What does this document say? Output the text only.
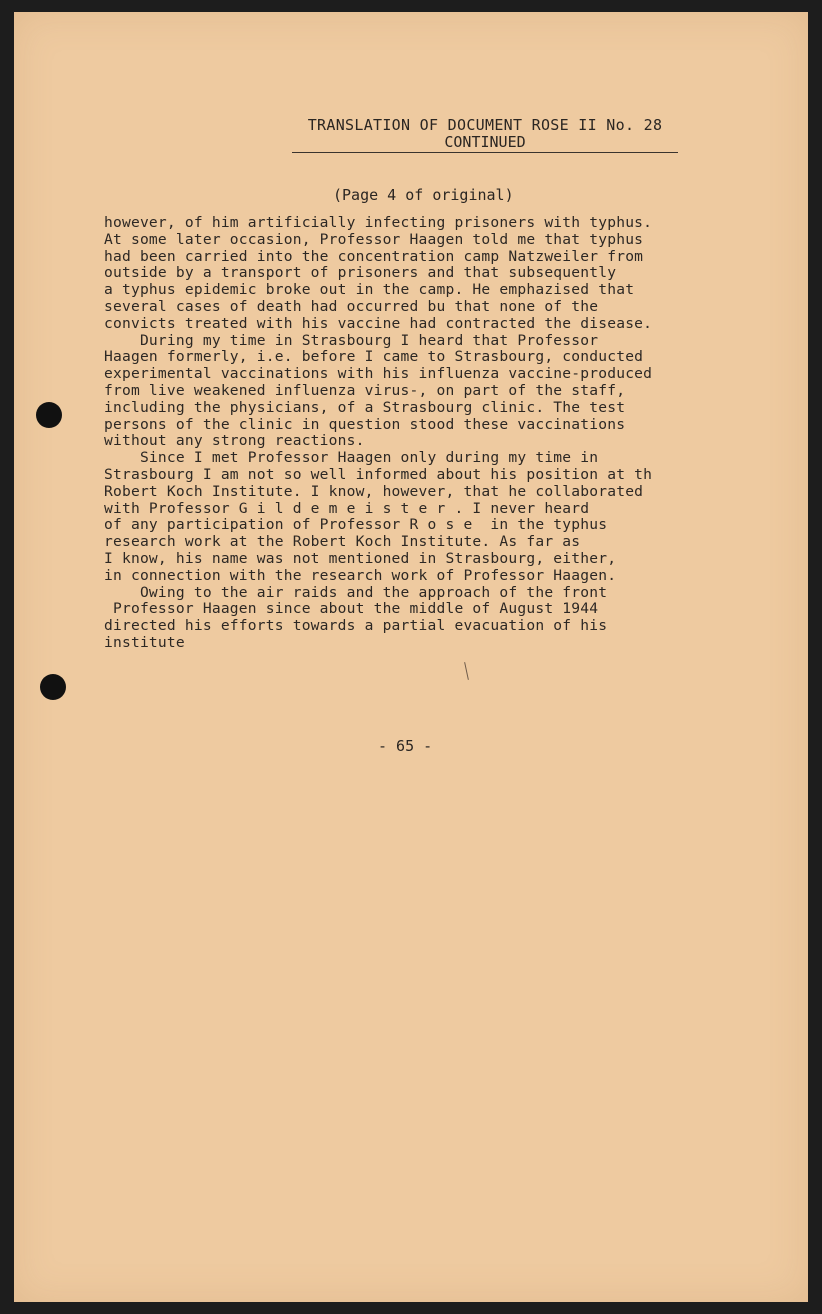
TRANSLATION OF DOCUMENT ROSE II No. 28
CONTINUED
(Page 4 of original)
however, of him artificially infecting prisoners with typhus.
At some later occasion, Professor Haagen told me that typhus
had been carried into the concentration camp Natzweiler from
outside by a transport of prisoners and that subsequently
a typhus epidemic broke out in the camp. He emphazised that
several cases of death had occurred bu that none of the
convicts treated with his vaccine had contracted the disease.
During my time in Strasbourg I heard that Professor
Haagen formerly, i.e. before I came to Strasbourg, conducted
experimental vaccinations with his influenza vaccine-produced
from live weakened influenza virus-, on part of the staff,
including the physicians, of a Strasbourg clinic. The test
persons of the clinic in question stood these vaccinations
without any strong reactions.
Since I met Professor Haagen only during my time in
Strasbourg I am not so well informed about his position at th
Robert Koch Institute. I know, however, that he collaborated
with Professor G i l d e m e i s t e r . I never heard
of any participation of Professor R o s e  in the typhus
research work at the Robert Koch Institute. As far as
I know, his name was not mentioned in Strasbourg, either,
in connection with the research work of Professor Haagen.
Owing to the air raids and the approach of the front
Professor Haagen since about the middle of August 1944
directed his efforts towards a partial evacuation of his
institute
- 65 -
